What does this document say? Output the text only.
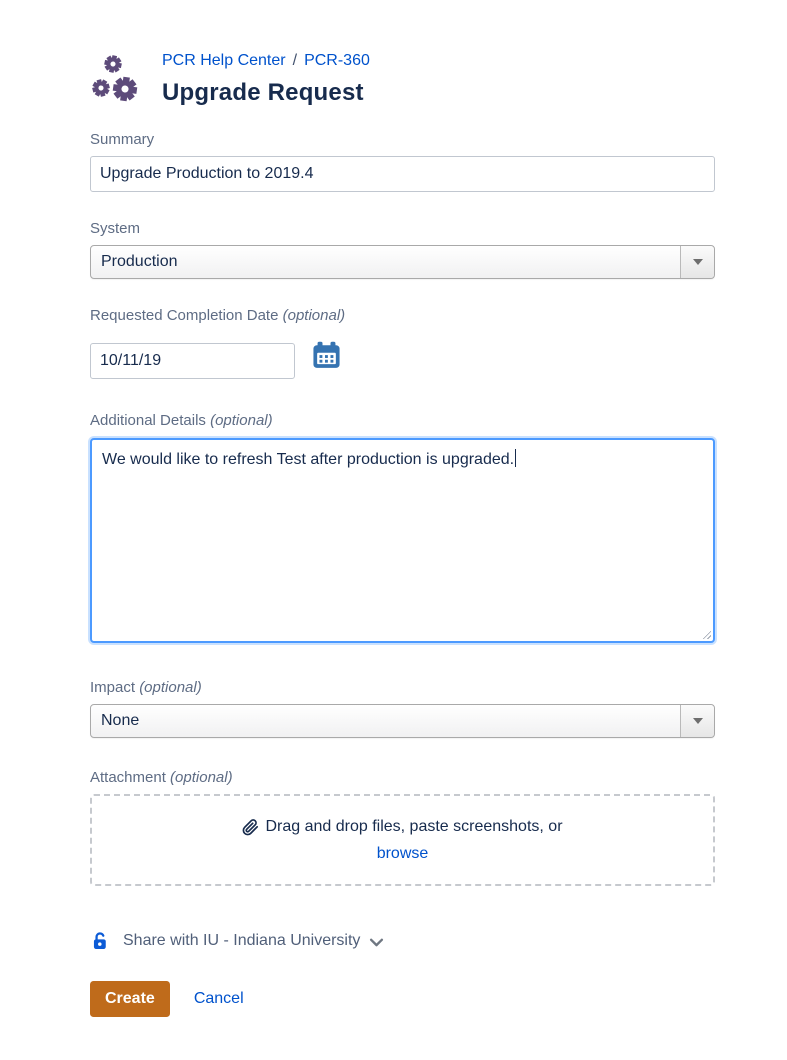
PCR Help Center / PCR-360
Upgrade Request
Summary
Upgrade Production to 2019.4
System
Production
Requested Completion Date (optional)
10/11/19
Additional Details (optional)
We would like to refresh Test after production is upgraded.
Impact (optional)
None
Attachment (optional)
Drag and drop files, paste screenshots, or
browse
Share with IU - Indiana University
Create	Cancel
